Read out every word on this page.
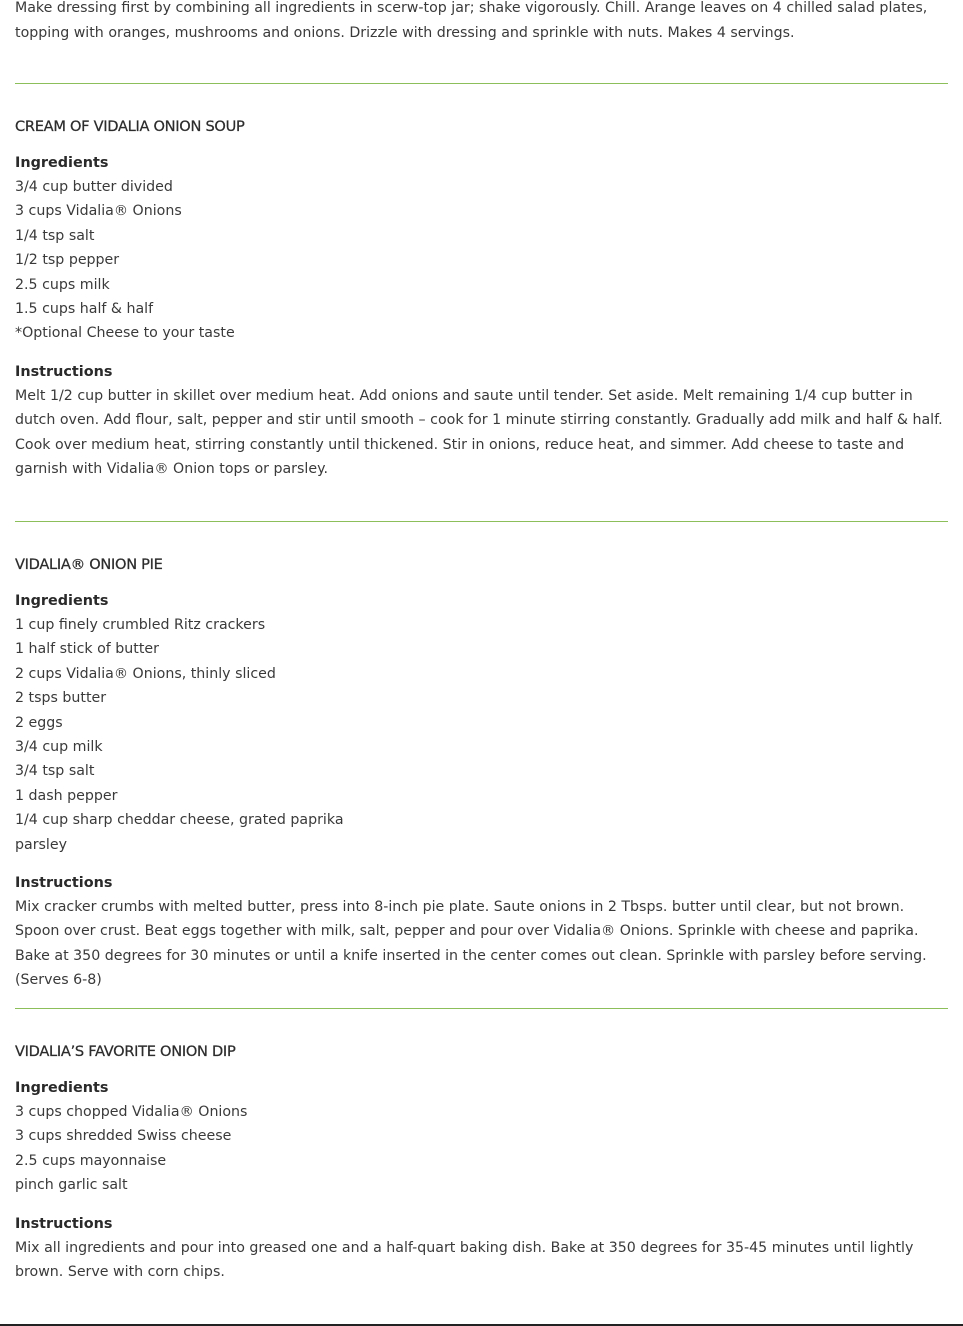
Make dressing first by combining all ingredients in scerw-top jar; shake vigorously. Chill. Arange leaves on 4 chilled salad plates, topping with oranges, mushrooms and onions. Drizzle with dressing and sprinkle with nuts. Makes 4 servings.

CREAM OF VIDALIA ONION SOUP
Ingredients
3/4 cup butter divided
3 cups Vidalia® Onions
1/4 tsp salt
1/2 tsp pepper
2.5 cups milk
1.5 cups half & half
*Optional Cheese to your taste
Instructions

Melt 1/2 cup butter in skillet over medium heat. Add onions and saute until tender. Set aside. Melt remaining 1/4 cup butter in dutch oven. Add flour, salt, pepper and stir until smooth – cook for 1 minute stirring constantly. Gradually add milk and half & half. Cook over medium heat, stirring constantly until thickened. Stir in onions, reduce heat, and simmer. Add cheese to taste and garnish with Vidalia® Onion tops or parsley.

VIDALIA® ONION PIE
Ingredients
1 cup finely crumbled Ritz crackers
1 half stick of butter
2 cups Vidalia® Onions, thinly sliced
2 tsps butter
2 eggs
3/4 cup milk
3/4 tsp salt
1 dash pepper
1/4 cup sharp cheddar cheese, grated paprika
parsley
Instructions

Mix cracker crumbs with melted butter, press into 8-inch pie plate. Saute onions in 2 Tbsps. butter until clear, but not brown. Spoon over crust. Beat eggs together with milk, salt, pepper and pour over Vidalia® Onions. Sprinkle with cheese and paprika. Bake at 350 degrees for 30 minutes or until a knife inserted in the center comes out clean. Sprinkle with parsley before serving. (Serves 6-8)

VIDALIA’S FAVORITE ONION DIP
Ingredients
3 cups chopped Vidalia® Onions
3 cups shredded Swiss cheese
2.5 cups mayonnaise
pinch garlic salt
Instructions

Mix all ingredients and pour into greased one and a half-quart baking dish. Bake at 350 degrees for 35-45 minutes until lightly brown. Serve with corn chips.
